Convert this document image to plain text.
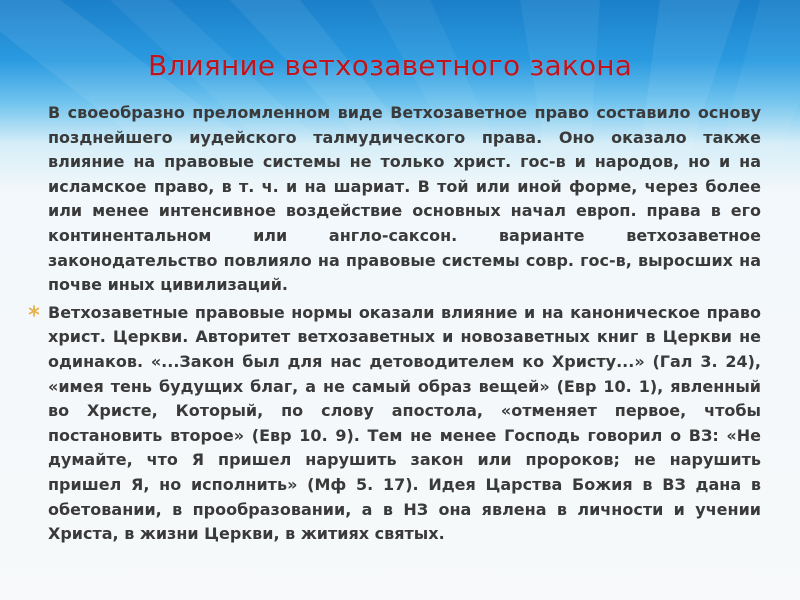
Влияние ветхозаветного закона

В своеобразно преломленном виде Ветхозаветное право составило основу позднейшего иудейского талмудического права. Оно оказало также влияние на правовые системы не только христ. гос-в и народов, но и на исламское право, в т. ч. и на шариат. В той или иной форме, через более или менее интенсивное воздействие основных начал европ. права в его континентальном или англо-саксон. варианте ветхозаветное законодательство повлияло на правовые системы совр. гос-в, выросших на почве иных цивилизаций.

Ветхозаветные правовые нормы оказали влияние и на каноническое право христ. Церкви. Авторитет ветхозаветных и новозаветных книг в Церкви не одинаков. «...Закон был для нас детоводителем ко Христу...» (Гал 3. 24), «имея тень будущих благ, а не самый образ вещей» (Евр 10. 1), явленный во Христе, Который, по слову апостола, «отменяет первое, чтобы постановить второе» (Евр 10. 9). Тем не менее Господь говорил о ВЗ: «Не думайте, что Я пришел нарушить закон или пророков; не нарушить пришел Я, но исполнить» (Мф 5. 17). Идея Царства Божия в ВЗ дана в обетовании, в прообразовании, а в НЗ она явлена в личности и учении Христа, в жизни Церкви, в житиях святых.
